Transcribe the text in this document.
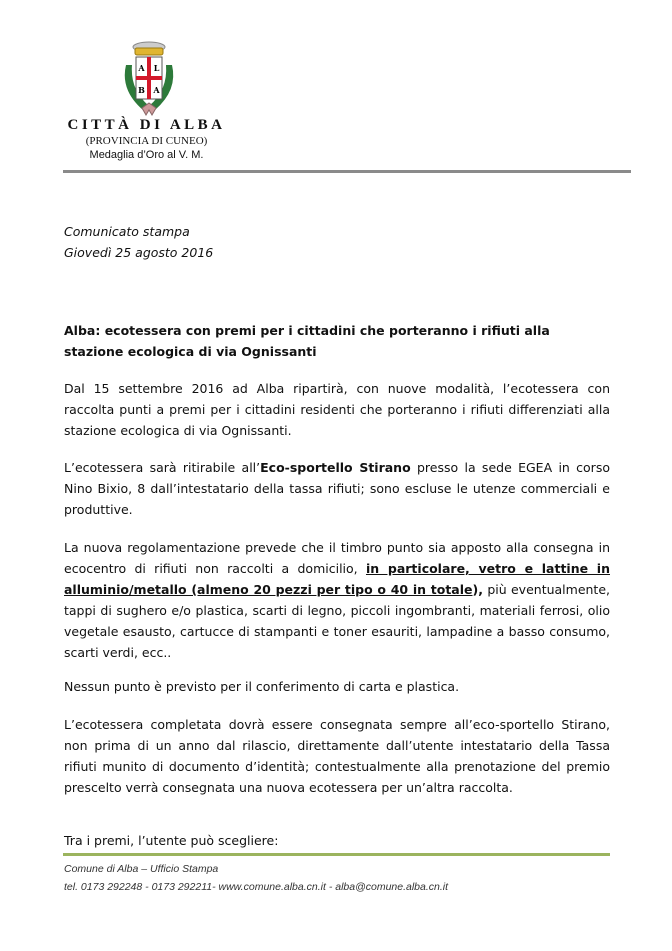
A L
B A
CITTÀ DI ALBA
(PROVINCIA DI CUNEO)
Medaglia d’Oro al V. M.
Comunicato stampa
Giovedì 25 agosto 2016
Alba: ecotessera con premi per i cittadini che porteranno i rifiuti alla stazione ecologica di via Ognissanti
Dal 15 settembre 2016 ad Alba ripartirà, con nuove modalità, l’ecotessera con raccolta punti a premi per i cittadini residenti che porteranno i rifiuti differenziati alla stazione ecologica di via Ognissanti.
L’ecotessera sarà ritirabile all’Eco-sportello Stirano presso la sede EGEA in corso Nino Bixio, 8 dall’intestatario della tassa rifiuti; sono escluse le utenze commerciali e produttive.
La nuova regolamentazione prevede che il timbro punto sia apposto alla consegna in ecocentro di rifiuti non raccolti a domicilio, in particolare, vetro e lattine in alluminio/metallo (almeno 20 pezzi per tipo o 40 in totale), più eventualmente, tappi di sughero e/o plastica, scarti di legno, piccoli ingombranti, materiali ferrosi, olio vegetale esausto, cartucce di stampanti e toner esauriti, lampadine a basso consumo, scarti verdi, ecc..
Nessun punto è previsto per il conferimento di carta e plastica.
L’ecotessera completata dovrà essere consegnata sempre all’eco-sportello Stirano, non prima di un anno dal rilascio, direttamente dall’utente intestatario della Tassa rifiuti munito di documento d’identità; contestualmente alla prenotazione del premio prescelto verrà consegnata una nuova ecotessera per un’altra raccolta.
Tra i premi, l’utente può scegliere:
Comune di Alba – Ufficio Stampa
tel. 0173 292248 - 0173 292211- www.comune.alba.cn.it - alba@comune.alba.cn.it
